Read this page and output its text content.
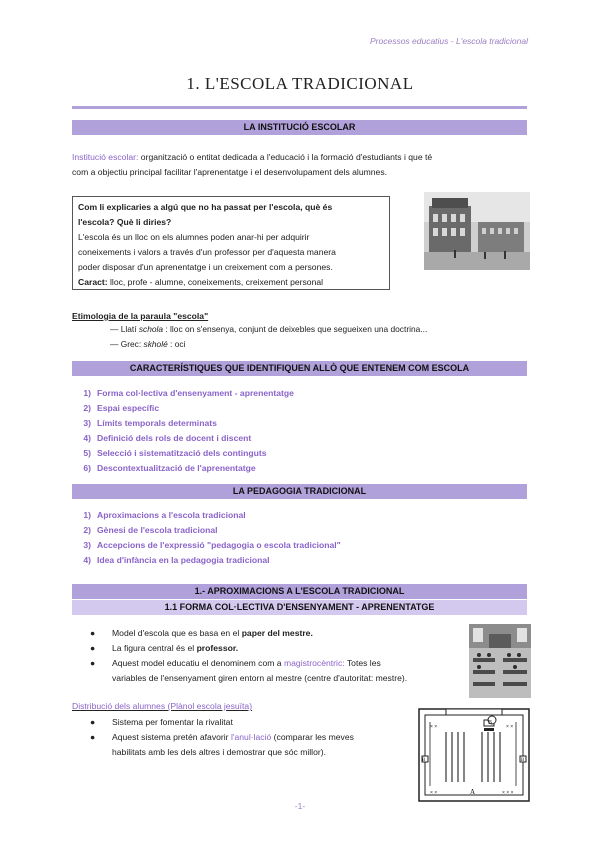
Processos educatius - L'escola tradicional
1. L'ESCOLA TRADICIONAL
LA INSTITUCIÓ ESCOLAR
Institució escolar: organització o entitat dedicada a l'educació i la formació d'estudiants i que té
com a objectiu principal facilitar l'aprenentatge i el desenvolupament dels alumnes.
Com li explicaries a algú que no ha passat per l'escola, què és
l'escola? Què li diries?
L'escola és un lloc on els alumnes poden anar-hi per adquirir
coneixements i valors a través d'un professor per d'aquesta manera
poder disposar d'un aprenentatge i un creixement com a persones.
Caract: lloc, profe - alumne, coneixements, creixement personal
Etimologia de la paraula "escola"
— Llatí schola : lloc on s'ensenya, conjunt de deixebles que segueixen una doctrina...
— Grec: skholé : oci
CARACTERÍSTIQUES QUE IDENTIFIQUEN ALLÒ QUE ENTENEM COM ESCOLA
1) Forma col·lectiva d'ensenyament - aprenentatge
2) Espai específic
3) Límits temporals determinats
4) Definició dels rols de docent i discent
5) Selecció i sistematització dels continguts
6) Descontextualització de l'aprenentatge
LA PEDAGOGIA TRADICIONAL
1) Aproximacions a l'escola tradicional
2) Gènesi de l'escola tradicional
3) Accepcions de l'expressió "pedagogia o escola tradicional"
4) Idea d'infància en la pedagogia tradicional
1.- APROXIMACIONS A L'ESCOLA TRADICIONAL
1.1 FORMA COL·LECTIVA D'ENSENYAMENT - APRENENTATGE
● Model d'escola que es basa en el paper del mestre.
● La figura central és el professor.
● Aquest model educatiu el denominem com a magistrocèntric: Totes les
variables de l'ensenyament giren entorn al mestre (centre d'autoritat: mestre).
Distribució dels alumnes (Plànol escola jesuïta)
● Sistema per fomentar la rivalitat
● Aquest sistema pretén afavorir l'anul·lació (comparar les meves
habilitats amb les dels altres i demostrar que sóc millor).
× ×	× ×
× ×	× × ×
B
B	B
A
-1-
